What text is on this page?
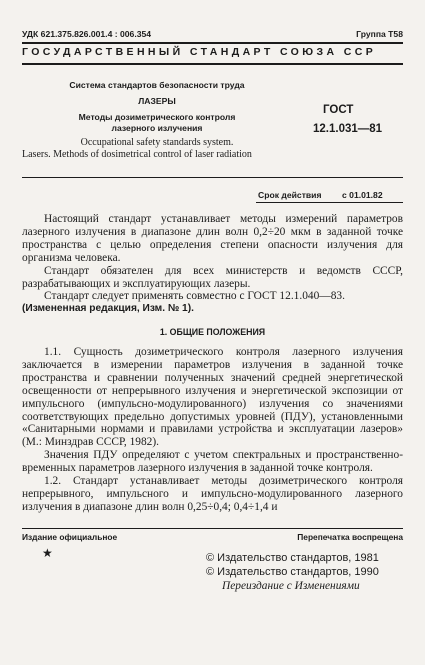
УДК 621.375.826.001.4 : 006.354	Группа Т58
ГОСУДАРСТВЕННЫЙ СТАНДАРТ СОЮЗА ССР
Система стандартов безопасности труда
ЛАЗЕРЫ
Методы дозиметрического контроля
лазерного излучения
Occupational safety standards system.
Lasers. Methods of dosimetrical control of laser radiation
ГОСТ
12.1.031—81
Срок действия с 01.01.82

Настоящий стандарт устанавливает методы измерений параметров лазерного излучения в диапазоне длин волн 0,2÷20 мкм в заданной точке пространства с целью определения степени опасности излучения для организма человека.

Стандарт обязателен для всех министерств и ведомств СССР, разрабатывающих и эксплуатирующих лазеры.

Стандарт следует применять совместно с ГОСТ 12.1.040—83.

(Измененная редакция, Изм. № 1).

1. ОБЩИЕ ПОЛОЖЕНИЯ

1.1. Сущность дозиметрического контроля лазерного излучения заключается в измерении параметров излучения в заданной точке пространства и сравнении полученных значений средней энергетической освещенности от непрерывного излучения и энергетической экспозиции от импульсного (импульсно-модулированного) излучения со значениями соответствующих предельно допустимых уровней (ПДУ), установленными «Санитарными нормами и правилами устройства и эксплуатации лазеров» (М.: Минздрав СССР, 1982).

Значения ПДУ определяют с учетом спектральных и пространственно-временных параметров лазерного излучения в заданной точке контроля.

1.2. Стандарт устанавливает методы дозиметрического контроля непрерывного, импульсного и импульсно-модулированного лазерного излучения в диапазоне длин волн 0,25÷0,4; 0,4÷1,4 и

Издание официальное	Перепечатка воспрещена
★	© Издательство стандартов, 1981
© Издательство стандартов, 1990
Переиздание с Изменениями
